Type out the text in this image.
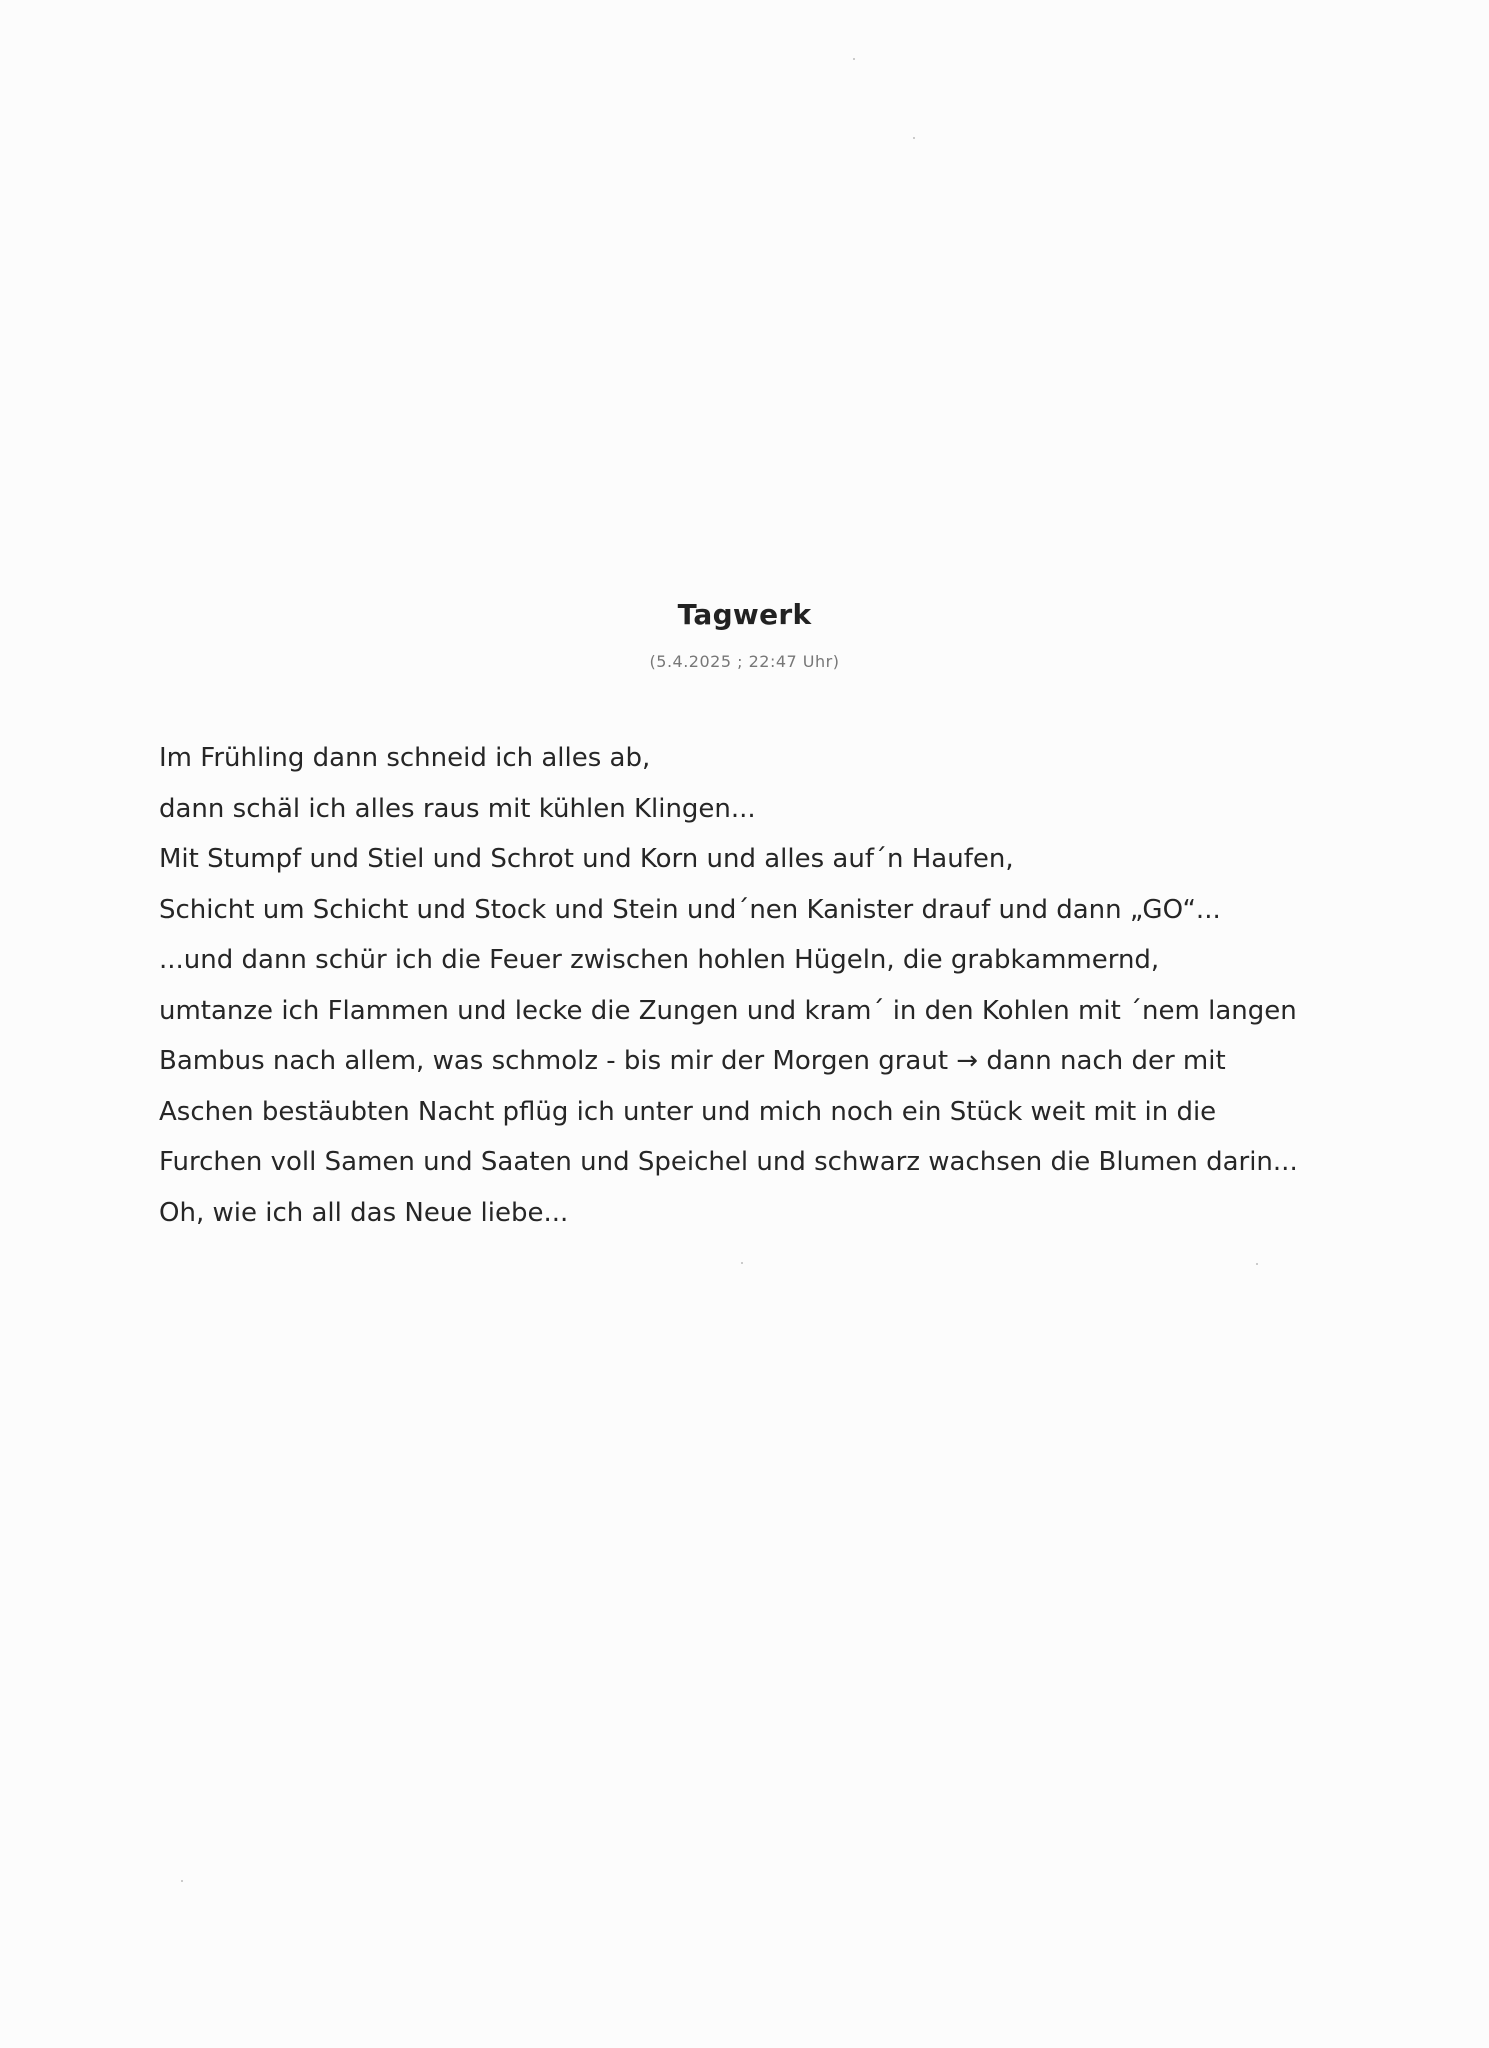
Tagwerk
(5.4.2025 ; 22:47 Uhr)
Im Frühling dann schneid ich alles ab,
dann schäl ich alles raus mit kühlen Klingen...
Mit Stumpf und Stiel und Schrot und Korn und alles auf´n Haufen,
Schicht um Schicht und Stock und Stein und´nen Kanister drauf und dann „GO“...
...und dann schür ich die Feuer zwischen hohlen Hügeln, die grabkammernd,
umtanze ich Flammen und lecke die Zungen und kram´ in den Kohlen mit ´nem langen
Bambus nach allem, was schmolz - bis mir der Morgen graut → dann nach der mit
Aschen bestäubten Nacht pflüg ich unter und mich noch ein Stück weit mit in die
Furchen voll Samen und Saaten und Speichel und schwarz wachsen die Blumen darin...
Oh, wie ich all das Neue liebe...
